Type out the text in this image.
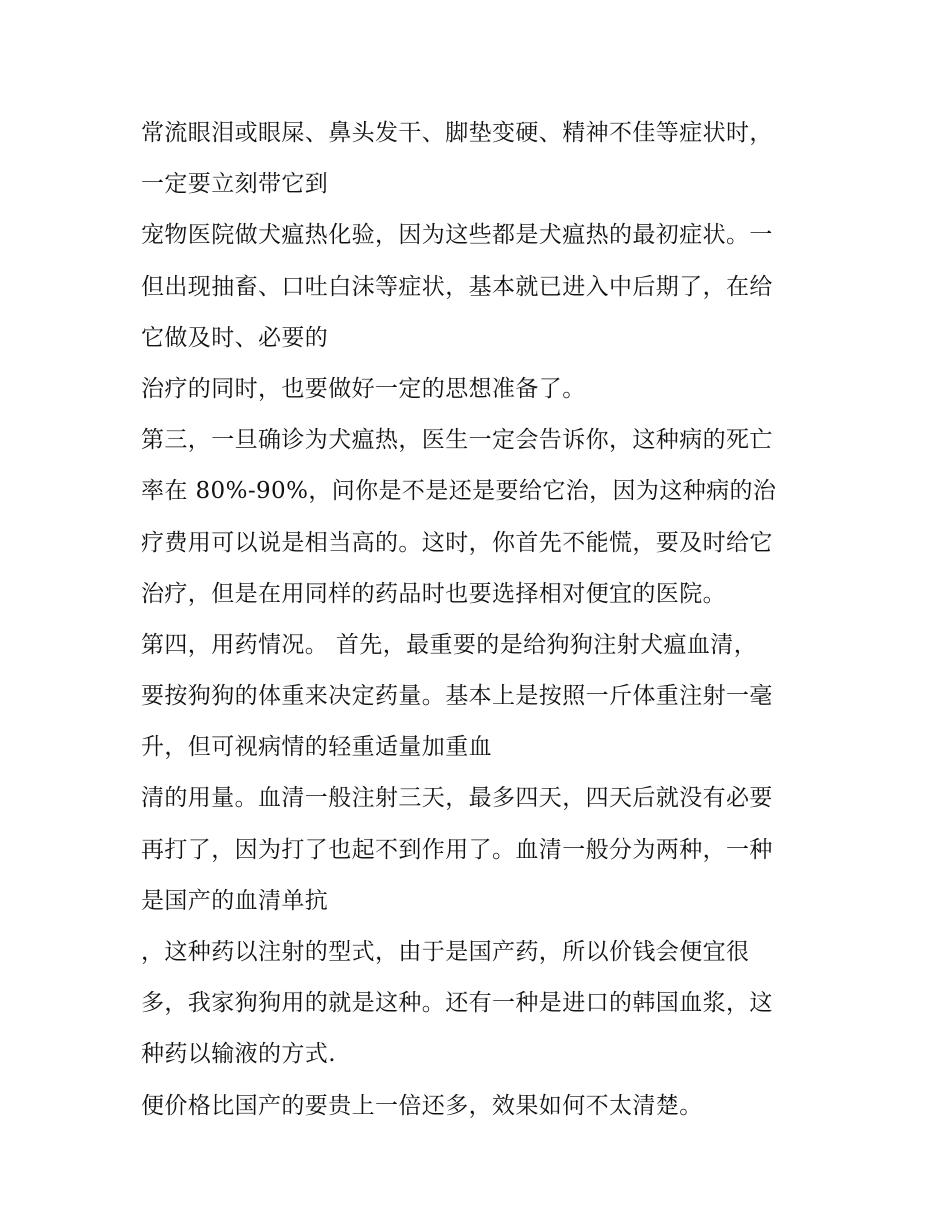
常流眼泪或眼屎、鼻头发干、脚垫变硬、精神不佳等症状时，
一定要立刻带它到
宠物医院做犬瘟热化验，因为这些都是犬瘟热的最初症状。一
但出现抽畜、口吐白沫等症状，基本就已进入中后期了，在给
它做及时、必要的
治疗的同时，也要做好一定的思想准备了。
第三，一旦确诊为犬瘟热，医生一定会告诉你，这种病的死亡
率在 80%-90%，问你是不是还是要给它治，因为这种病的治
疗费用可以说是相当高的。这时，你首先不能慌，要及时给它
治疗，但是在用同样的药品时也要选择相对便宜的医院。
第四，用药情况。 首先，最重要的是给狗狗注射犬瘟血清，
要按狗狗的体重来决定药量。基本上是按照一斤体重注射一毫
升，但可视病情的轻重适量加重血
清的用量。血清一般注射三天，最多四天，四天后就没有必要
再打了，因为打了也起不到作用了。血清一般分为两种，一种
是国产的血清单抗
，这种药以注射的型式，由于是国产药，所以价钱会便宜很
多，我家狗狗用的就是这种。还有一种是进口的韩国血浆，这
种药以输液的方式.
便价格比国产的要贵上一倍还多，效果如何不太清楚。
